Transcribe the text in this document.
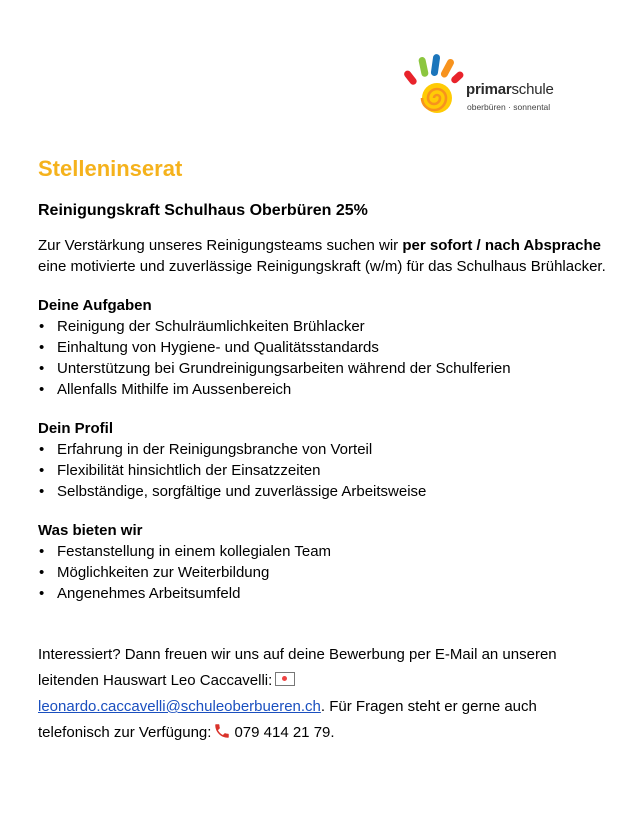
primarschule
oberbüren · sonnental
Stelleninserat
Reinigungskraft Schulhaus Oberbüren 25%

Zur Verstärkung unseres Reinigungsteams suchen wir per sofort / nach Absprache eine motivierte und zuverlässige Reinigungskraft (w/m) für das Schulhaus Brühlacker.

Deine Aufgaben
• Reinigung der Schulräumlichkeiten Brühlacker
• Einhaltung von Hygiene- und Qualitätsstandards
• Unterstützung bei Grundreinigungsarbeiten während der Schulferien
• Allenfalls Mithilfe im Aussenbereich
Dein Profil
• Erfahrung in der Reinigungsbranche von Vorteil
• Flexibilität hinsichtlich der Einsatzzeiten
• Selbständige, sorgfältige und zuverlässige Arbeitsweise
Was bieten wir
• Festanstellung in einem kollegialen Team
• Möglichkeiten zur Weiterbildung
• Angenehmes Arbeitsumfeld

Interessiert? Dann freuen wir uns auf deine Bewerbung per E-Mail an unseren leitenden Hauswart Leo Caccavelli:
leonardo.caccavelli@schuleoberbueren.ch. Für Fragen steht er gerne auch telefonisch zur Verfügung: 079 414 21 79.
